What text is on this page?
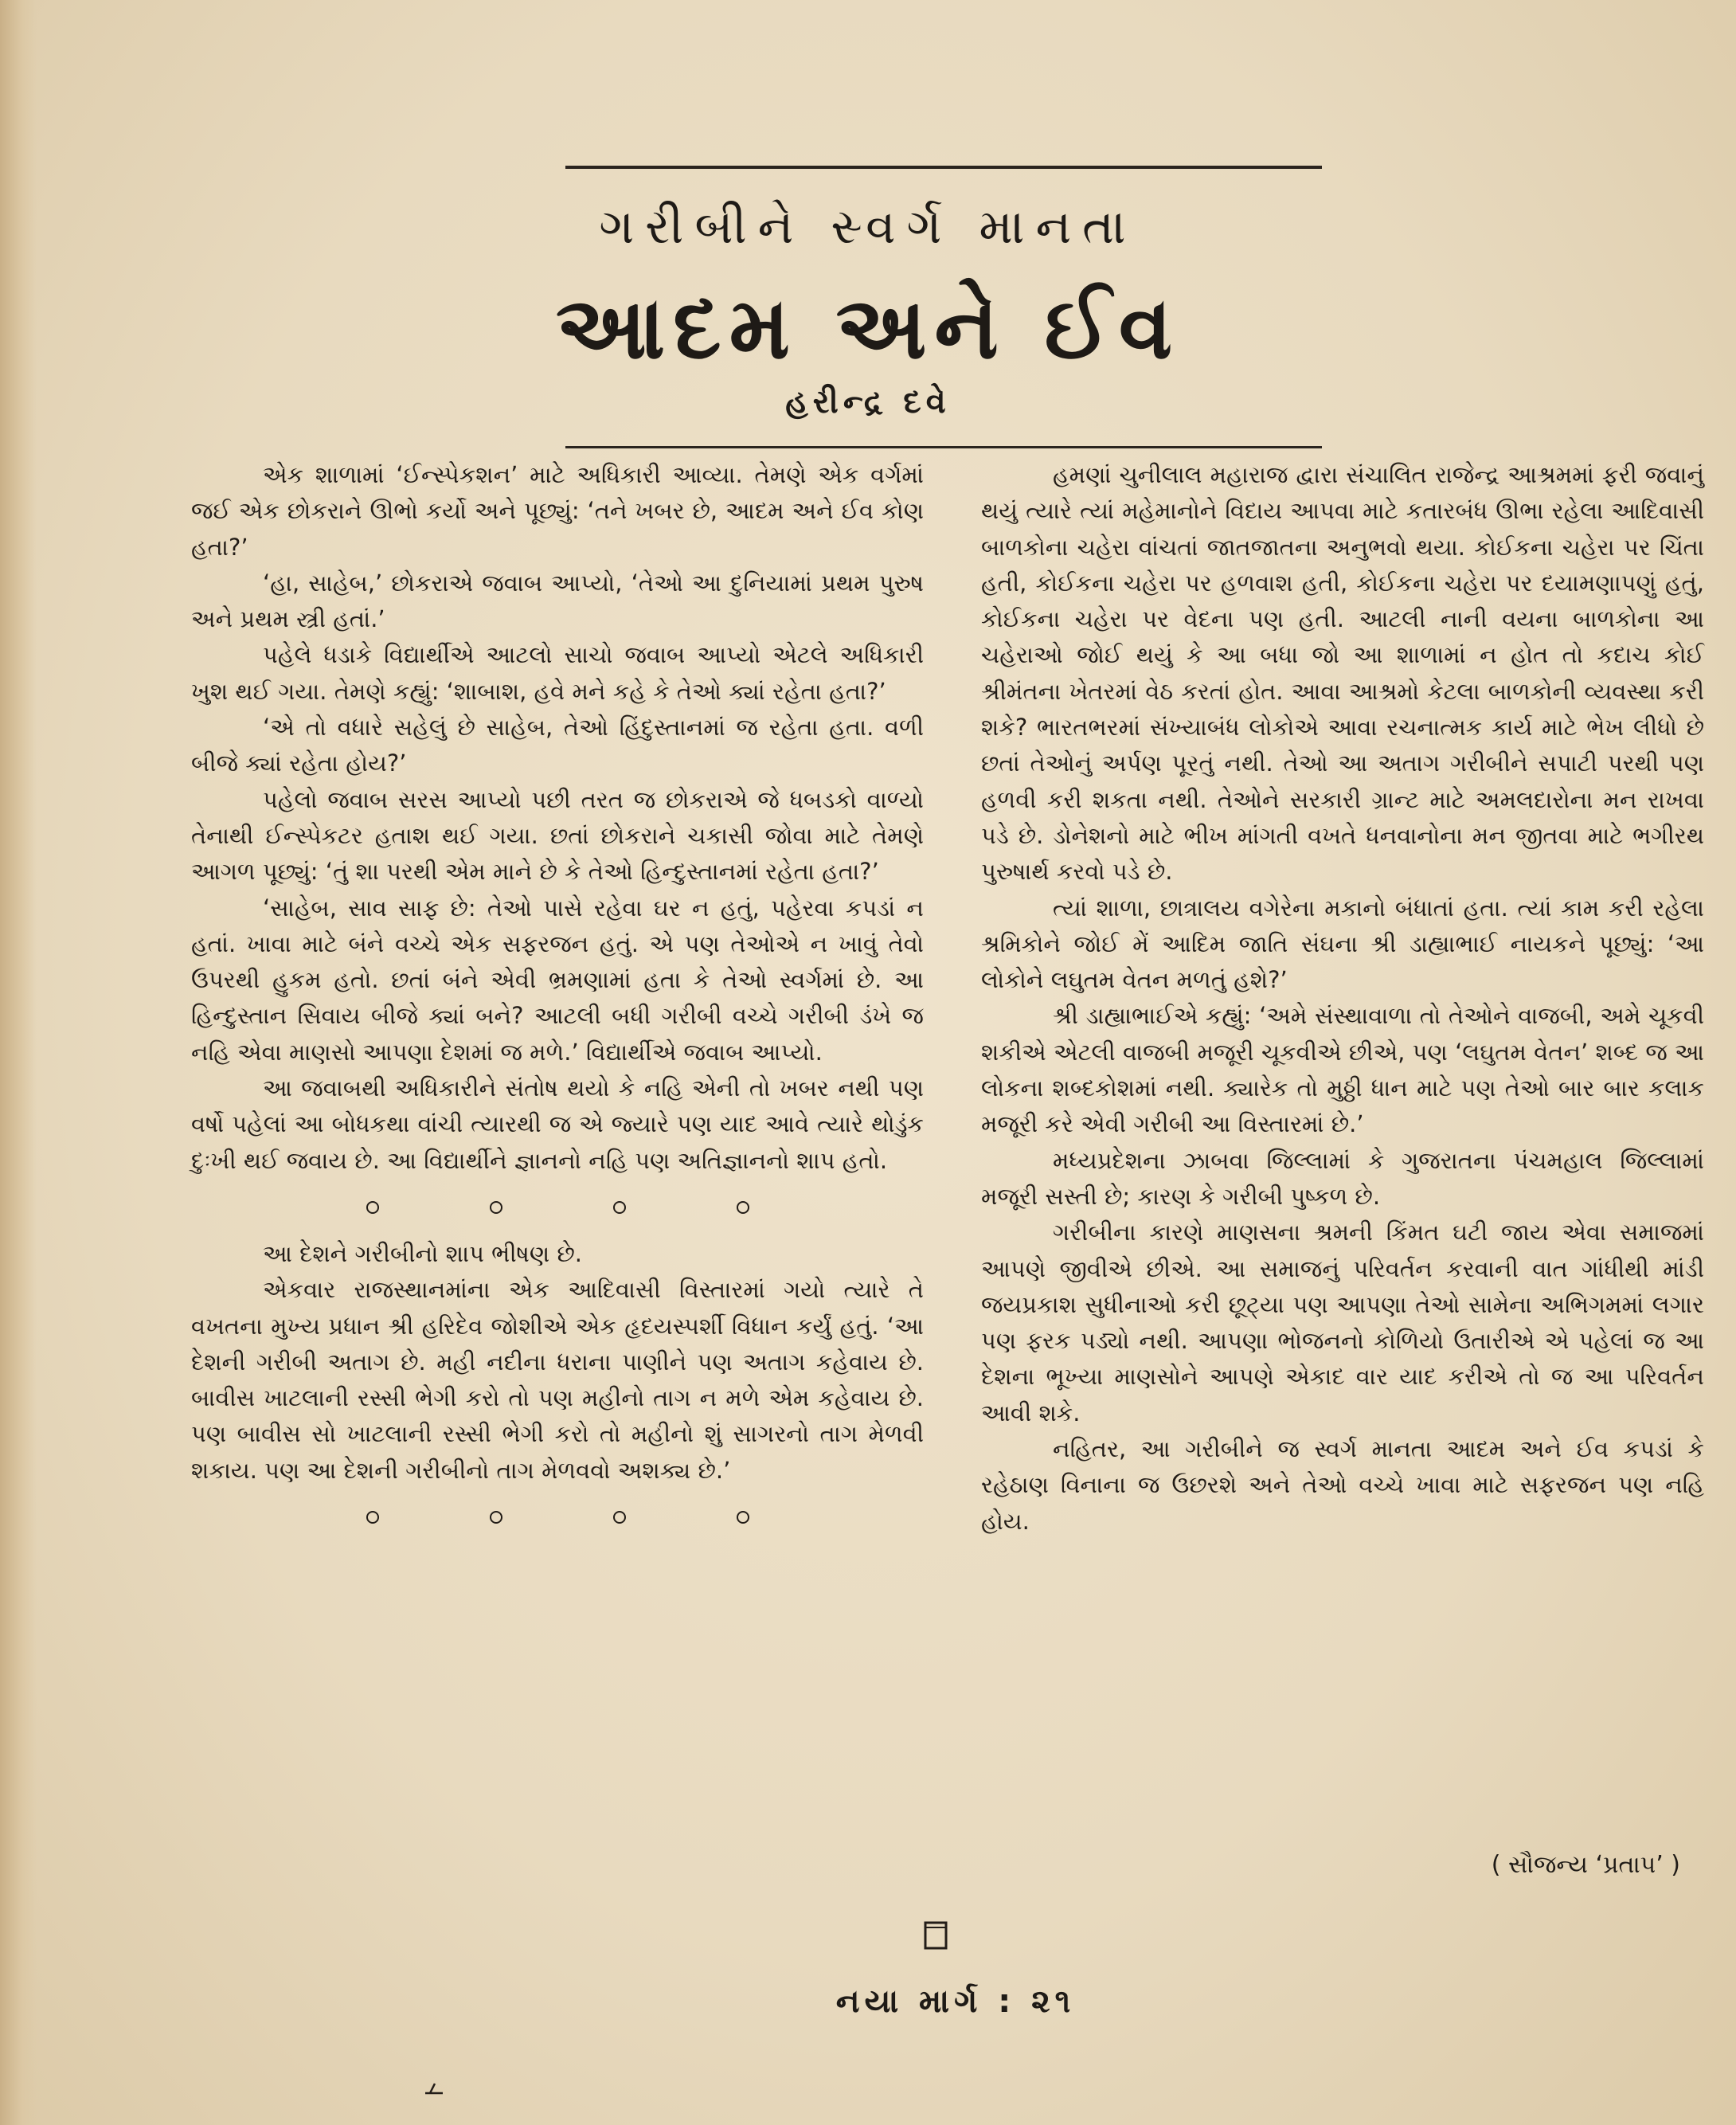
ગરીબીને સ્વર્ગ માનતા
આદમ અને ઈવ
હરીન્દ્ર દવે

એક શાળામાં ‘ઈન્સ્પેકશન’ માટે અધિકારી આવ્યા. તેમણે એક વર્ગમાં જઈ એક છોકરાને ઊભો કર્યો અને પૂછ્યું: ‘તને ખબર છે, આદમ અને ઈવ કોણ હતા?’

‘હા, સાહેબ,’ છોકરાએ જવાબ આપ્યો, ‘તેઓ આ દુનિયામાં પ્રથમ પુરુષ અને પ્રથમ સ્ત્રી હતાં.’

પહેલે ધડાકે વિદ્યાર્થીએ આટલો સાચો જવાબ આપ્યો એટલે અધિકારી ખુશ થઈ ગયા. તેમણે કહ્યું: ‘શાબાશ, હવે મને કહે કે તેઓ ક્યાં રહેતા હતા?’

‘એ તો વધારે સહેલું છે સાહેબ, તેઓ હિંદુસ્તાનમાં જ રહેતા હતા. વળી બીજે ક્યાં રહેતા હોય?’

પહેલો જવાબ સરસ આપ્યો પછી તરત જ છોકરાએ જે ધબડકો વાળ્યો તેનાથી ઈન્સ્પેકટર હતાશ થઈ ગયા. છતાં છોકરાને ચકાસી જોવા માટે તેમણે આગળ પૂછ્યું: ‘તું શા પરથી એમ માને છે કે તેઓ હિન્દુસ્તાનમાં રહેતા હતા?’

‘સાહેબ, સાવ સાફ છે: તેઓ પાસે રહેવા ઘર ન હતું, પહેરવા કપડાં ન હતાં. ખાવા માટે બંને વચ્ચે એક સફરજન હતું. એ પણ તેઓએ ન ખાવું તેવો ઉપરથી હુકમ હતો. છતાં બંને એવી ભ્રમણામાં હતા કે તેઓ સ્વર્ગમાં છે. આ હિન્દુસ્તાન સિવાય બીજે ક્યાં બને? આટલી બધી ગરીબી વચ્ચે ગરીબી ડંખે જ નહિ એવા માણસો આપણા દેશમાં જ મળે.’ વિદ્યાર્થીએ જવાબ આપ્યો.

આ જવાબથી અધિકારીને સંતોષ થયો કે નહિ એની તો ખબર નથી પણ વર્ષો પહેલાં આ બોધકથા વાંચી ત્યારથી જ એ જ્યારે પણ યાદ આવે ત્યારે થોડુંક દુઃખી થઈ જવાય છે. આ વિદ્યાર્થીને જ્ઞાનનો નહિ પણ અતિજ્ઞાનનો શાપ હતો.

આ દેશને ગરીબીનો શાપ ભીષણ છે.

એકવાર રાજસ્થાનમાંના એક આદિવાસી વિસ્તારમાં ગયો ત્યારે તે વખતના મુખ્ય પ્રધાન શ્રી હરિદેવ જોશીએ એક હૃદયસ્પર્શી વિધાન કર્યું હતું. ‘આ દેશની ગરીબી અતાગ છે. મહી નદીના ધરાના પાણીને પણ અતાગ કહેવાય છે. બાવીસ ખાટલાની રસ્સી ભેગી કરો તો પણ મહીનો તાગ ન મળે એમ કહેવાય છે. પણ બાવીસ સો ખાટલાની રસ્સી ભેગી કરો તો મહીનો શું સાગરનો તાગ મેળવી શકાય. પણ આ દેશની ગરીબીનો તાગ મેળવવો અશક્ય છે.’

હમણાં ચુનીલાલ મહારાજ દ્વારા સંચાલિત રાજેન્દ્ર આશ્રમમાં ફરી જવાનું થયું ત્યારે ત્યાં મહેમાનોને વિદાય આપવા માટે કતારબંધ ઊભા રહેલા આદિવાસી બાળકોના ચહેરા વાંચતાં જાતજાતના અનુભવો થયા. કોઈકના ચહેરા પર ચિંતા હતી, કોઈકના ચહેરા પર હળવાશ હતી, કોઈકના ચહેરા પર દયામણાપણું હતું, કોઈકના ચહેરા પર વેદના પણ હતી. આટલી નાની વયના બાળકોના આ ચહેરાઓ જોઈ થયું કે આ બધા જો આ શાળામાં ન હોત તો કદાચ કોઈ શ્રીમંતના ખેતરમાં વેઠ કરતાં હોત. આવા આશ્રમો કેટલા બાળકોની વ્યવસ્થા કરી શકે? ભારતભરમાં સંખ્યાબંધ લોકોએ આવા રચનાત્મક કાર્ય માટે ભેખ લીધો છે છતાં તેઓનું અર્પણ પૂરતું નથી. તેઓ આ અતાગ ગરીબીને સપાટી પરથી પણ હળવી કરી શકતા નથી. તેઓને સરકારી ગ્રાન્ટ માટે અમલદારોના મન રાખવા પડે છે. ડોનેશનો માટે ભીખ માંગતી વખતે ધનવાનોના મન જીતવા માટે ભગીરથ પુરુષાર્થ કરવો પડે છે.

ત્યાં શાળા, છાત્રાલય વગેરેના મકાનો બંધાતાં હતા. ત્યાં કામ કરી રહેલા શ્રમિકોને જોઈ મેં આદિમ જાતિ સંઘના શ્રી ડાહ્યાભાઈ નાયકને પૂછ્યું: ‘આ લોકોને લઘુતમ વેતન મળતું હશે?’

શ્રી ડાહ્યાભાઈએ કહ્યું: ‘અમે સંસ્થાવાળા તો તેઓને વાજબી, અમે ચૂકવી શકીએ એટલી વાજબી મજૂરી ચૂકવીએ છીએ, પણ ‘લઘુતમ વેતન’ શબ્દ જ આ લોકના શબ્દકોશમાં નથી. ક્યારેક તો મુઠ્ઠી ધાન માટે પણ તેઓ બાર બાર કલાક મજૂરી કરે એવી ગરીબી આ વિસ્તારમાં છે.’

મધ્યપ્રદેશના ઝાબવા જિલ્લામાં કે ગુજરાતના પંચમહાલ જિલ્લામાં મજૂરી સસ્તી છે; કારણ કે ગરીબી પુષ્કળ છે.

ગરીબીના કારણે માણસના શ્રમની કિંમત ઘટી જાય એવા સમાજમાં આપણે જીવીએ છીએ. આ સમાજનું પરિવર્તન કરવાની વાત ગાંધીથી માંડી જયપ્રકાશ સુધીનાઓ કરી છૂટ્યા પણ આપણા તેઓ સામેના અભિગમમાં લગાર પણ ફરક પડ્યો નથી. આપણા ભોજનનો કોળિયો ઉતારીએ એ પહેલાં જ આ દેશના ભૂખ્યા માણસોને આપણે એકાદ વાર યાદ કરીએ તો જ આ પરિવર્તન આવી શકે.

નહિતર, આ ગરીબીને જ સ્વર્ગ માનતા આદમ અને ઈવ કપડાં કે રહેઠાણ વિનાના જ ઉછરશે અને તેઓ વચ્ચે ખાવા માટે સફરજન પણ નહિ હોય.

( સૌજન્ય ‘પ્રતાપ’ )
નયા માર્ગ : ૨૧
